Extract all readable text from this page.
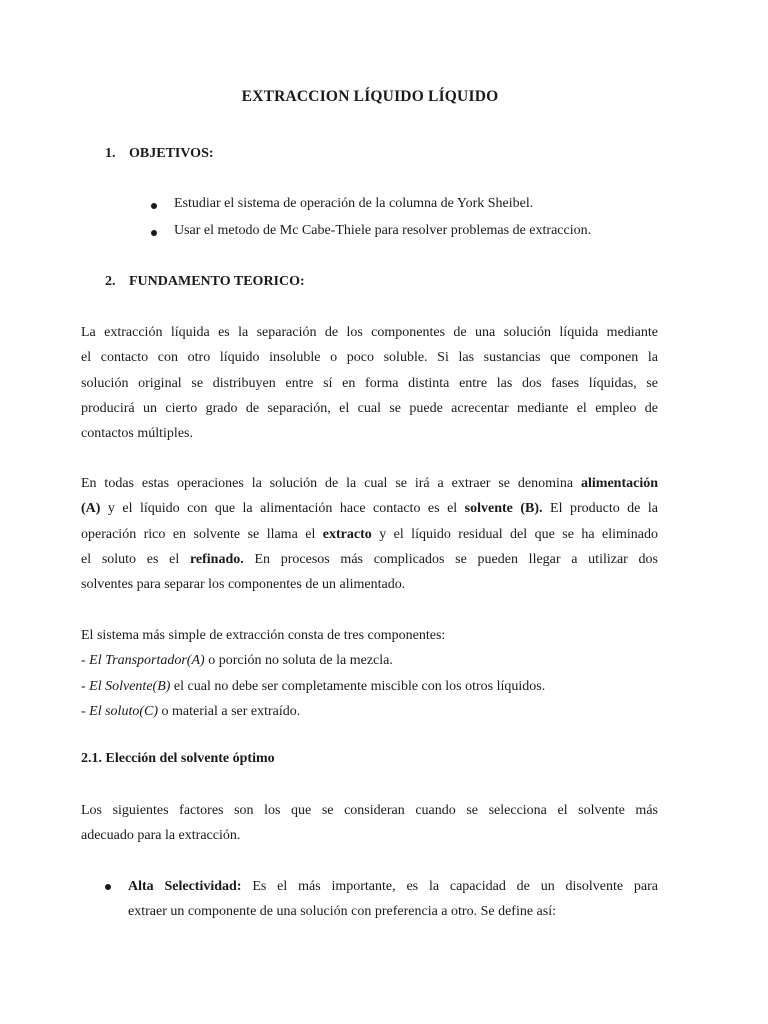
EXTRACCION LÍQUIDO LÍQUIDO
1. OBJETIVOS:
Estudiar el sistema de operación de la columna de York Sheibel.
Usar el metodo de Mc Cabe-Thiele para resolver problemas de extraccion.
2. FUNDAMENTO TEORICO:
La extracción líquida es la separación de los componentes de una solución líquida mediante
el contacto con otro líquido insoluble o poco soluble. Si las sustancias que componen la
solución original se distribuyen entre sí en forma distinta entre las dos fases líquidas, se
producirá un cierto grado de separación, el cual se puede acrecentar mediante el empleo de
contactos múltiples.
En todas estas operaciones la solución de la cual se irá a extraer se denomina alimentación
(A) y el líquido con que la alimentación hace contacto es el solvente (B). El producto de la
operación rico en solvente se llama el extracto y el líquido residual del que se ha eliminado
el soluto es el refinado. En procesos más complicados se pueden llegar a utilizar dos
solventes para separar los componentes de un alimentado.
El sistema más simple de extracción consta de tres componentes:
- El Transportador(A) o porción no soluta de la mezcla.
- El Solvente(B) el cual no debe ser completamente miscible con los otros líquidos.
- El soluto(C) o material a ser extraído.
2.1. Elección del solvente óptimo
Los siguientes factores son los que se consideran cuando se selecciona el solvente más
adecuado para la extracción.
Alta Selectividad: Es el más importante, es la capacidad de un disolvente para
extraer un componente de una solución con preferencia a otro. Se define así:
